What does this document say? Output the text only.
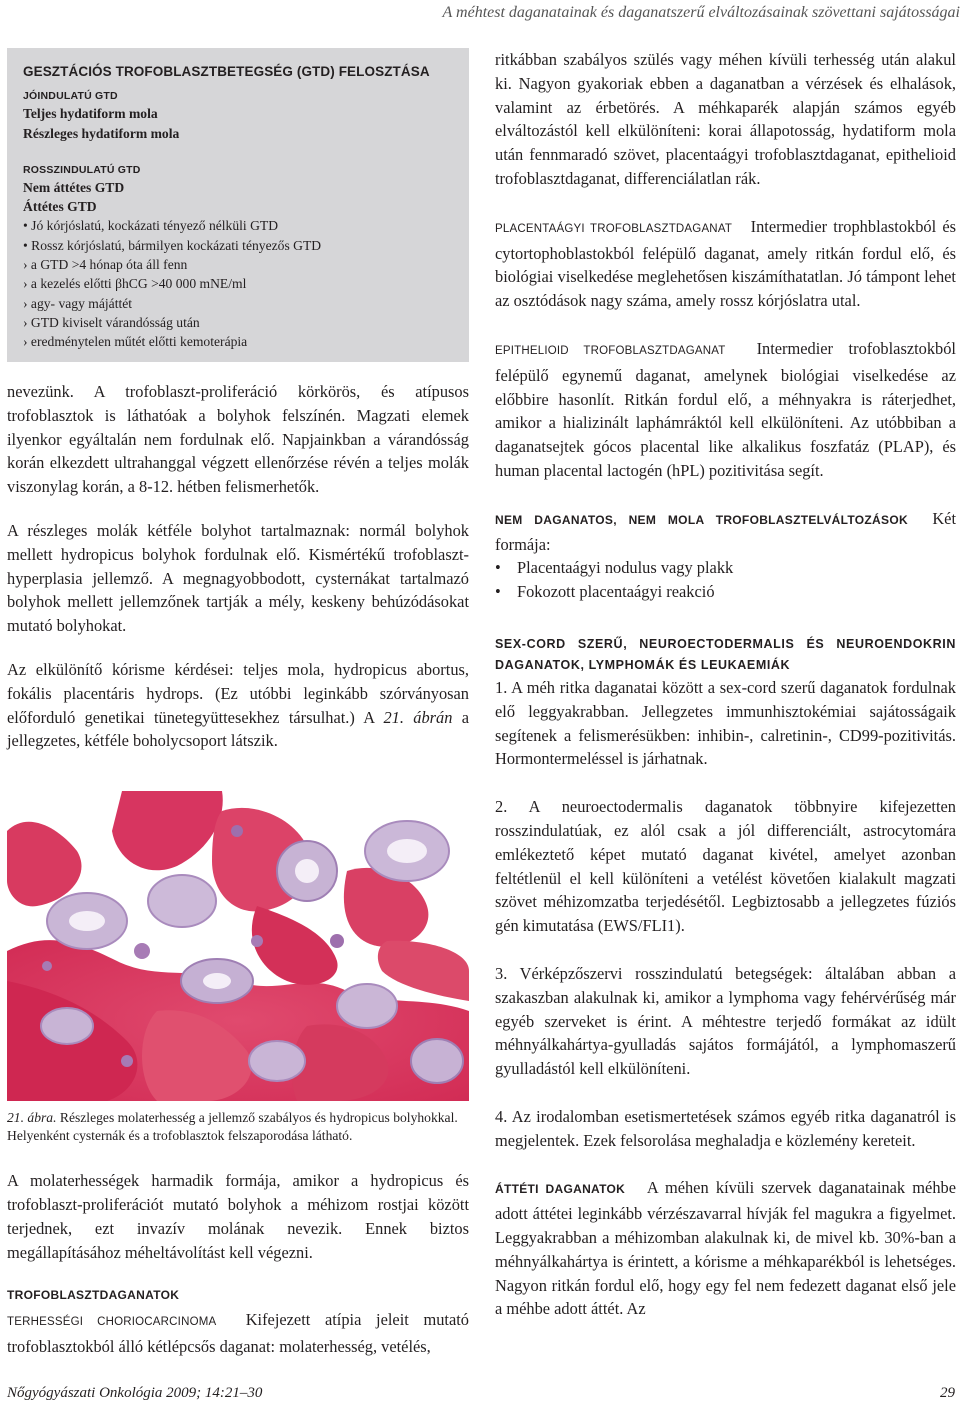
A méhtest daganatainak és daganatszerű elváltozásainak szövettani sajátosságai
GESZTÁCIÓS TROFOBLASZTBETEGSÉG (GTD) FELOSZTÁSA
JÓINDULATÚ GTD
Teljes hydatiform mola
Részleges hydatiform mola
ROSSZINDULATÚ GTD
Nem áttétes GTD
Áttétes GTD
• Jó kórjóslatú, kockázati tényező nélküli GTD
• Rossz kórjóslatú, bármilyen kockázati tényezős GTD
› a GTD >4 hónap óta áll fenn
› a kezelés előtti βhCG >40 000 mNE/ml
› agy- vagy májáttét
› GTD kiviselt várandósság után
› eredménytelen műtét előtti kemoterápia

nevezünk. A trofoblaszt-proliferáció körkörös, és atípusos trofoblasztok is láthatóak a bolyhok felszínén. Magzati elemek ilyenkor egyáltalán nem fordulnak elő. Napjainkban a várandósság korán elkezdett ultrahanggal végzett ellenőrzése révén a teljes molák viszonylag korán, a 8-12. hétben felismerhetők.

A részleges molák kétféle bolyhot tartalmaznak: normál bolyhok mellett hydropicus bolyhok fordulnak elő. Kismértékű trofoblaszt-hyperplasia jellemző. A megnagyobbodott, cysternákat tartalmazó bolyhok mellett jellemzőnek tartják a mély, keskeny behúzódásokat mutató bolyhokat.

Az elkülönítő kórisme kérdései: teljes mola, hydropicus abortus, fokális placentáris hydrops. (Ez utóbbi leginkább szórványosan előforduló genetikai tünetegyüttesekhez társulhat.) A 21. ábrán a jellegzetes, kétféle boholycsoport látszik.

21. ábra. Részleges molaterhesség a jellemző szabályos és hydropicus bolyhokkal. Helyenként cysternák és a trofoblasztok felszaporodása látható.

A molaterhességek harmadik formája, amikor a hydropicus és trofoblaszt-proliferációt mutató bolyhok a méhizom rostjai között terjednek, ezt invazív molának nevezik. Ennek biztos megállapításához méheltávolítást kell végezni.

TROFOBLASZTDAGANATOK

TERHESSÉGI CHORIOCARCINOMA Kifejezett atípia jeleit mutató trofoblasztokból álló kétlépcsős daganat: molaterhesség, vetélés,

ritkábban szabályos szülés vagy méhen kívüli terhesség után alakul ki. Nagyon gyakoriak ebben a daganatban a vérzések és elhalások, valamint az érbetörés. A méhkaparék alapján számos egyéb elváltozástól kell elkülöníteni: korai állapotosság, hydatiform mola után fennmaradó szövet, placentaágyi trofoblasztdaganat, epithelioid trofoblasztdaganat, differenciálatlan rák.

PLACENTAÁGYI TROFOBLASZTDAGANAT Intermedier trophblastokból és cytortophoblastokból felépülő daganat, amely ritkán fordul elő, és biológiai viselkedése meglehetősen kiszámíthatatlan. Jó támpont lehet az osztódások nagy száma, amely rossz kórjóslatra utal.

EPITHELIOID TROFOBLASZTDAGANAT Intermedier trofoblasztokból felépülő egynemű daganat, amelynek biológiai viselkedése az előbbire hasonlít. Ritkán fordul elő, a méhnyakra is ráterjedhet, amikor a hializinált laphámráktól kell elkülöníteni. Az utóbbiban a daganatsejtek gócos placental like alkalikus foszfatáz (PLAP), és human placental lactogén (hPL) pozitivitása segít.

NEM DAGANATOS, NEM MOLA TROFOBLASZTELVÁLTOZÁSOK Két formája:

• Placentaágyi nodulus vagy plakk
• Fokozott placentaágyi reakció
SEX-CORD SZERŰ, NEUROECTODERMALIS ÉS NEUROENDOKRIN DAGANATOK, LYMPHOMÁK ÉS LEUKAEMIÁK

1. A méh ritka daganatai között a sex-cord szerű daganatok fordulnak elő leggyakrabban. Jellegzetes immunhisztokémiai sajátosságaik segítenek a felismerésükben: inhibin-, calretinin-, CD99-pozitivitás. Hormontermeléssel is járhatnak.

2. A neuroectodermalis daganatok többnyire kifejezetten rosszindulatúak, ez alól csak a jól differenciált, astrocytomára emlékeztető képet mutató daganat kivétel, amelyet azonban feltétlenül el kell különíteni a vetélést követően kialakult magzati szövet méhizomzatba terjedésétől. Legbiztosabb a jellegzetes fúziós gén kimutatása (EWS/FLI1).

3. Vérképzőszervi rosszindulatú betegségek: általában abban a szakaszban alakulnak ki, amikor a lymphoma vagy fehérvérűség már egyéb szerveket is érint. A méhtestre terjedő formákat az idült méhnyálkahártya-gyulladás sajátos formájától, a lymphomaszerű gyulladástól kell elkülöníteni.

4. Az irodalomban esetismertetések számos egyéb ritka daganatról is megjelentek. Ezek felsorolása meghaladja e közlemény kereteit.

ÁTTÉTI DAGANATOK A méhen kívüli szervek daganatainak méhbe adott áttétei leginkább vérzészavarral hívják fel magukra a figyelmet. Leggyakrabban a méhizomban alakulnak ki, de mivel kb. 30%-ban a méhnyálkahártya is érintett, a kórisme a méhkaparékból is lehetséges. Nagyon ritkán fordul elő, hogy egy fel nem fedezett daganat első jele a méhbe adott áttét. Az

Nőgyógyászati Onkológia 2009; 14:21–30	29
